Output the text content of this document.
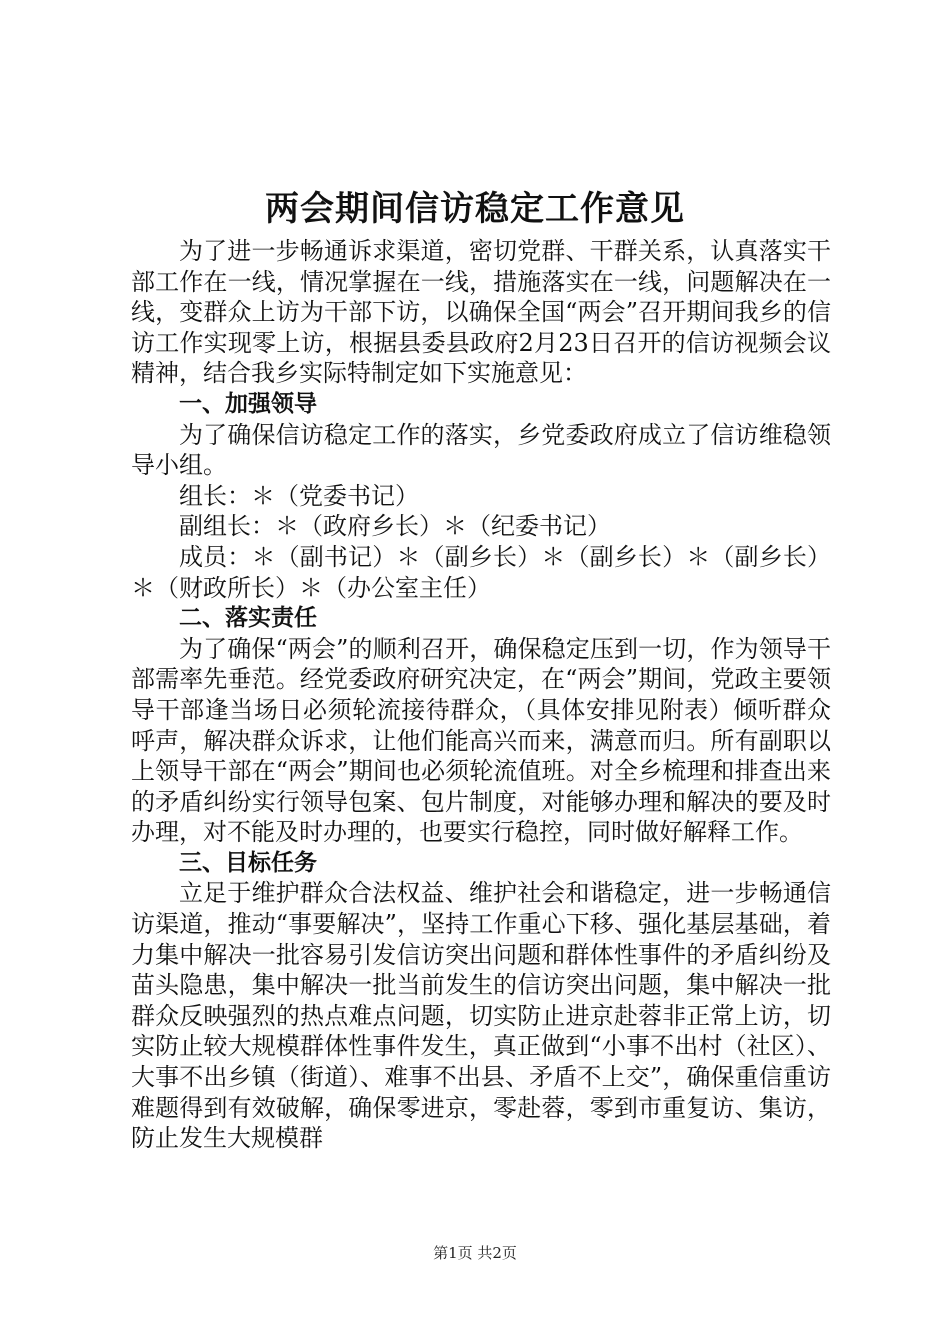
两会期间信访稳定工作意见

为了进一步畅通诉求渠道，密切党群、干群关系，认真落实干部工作在一线，情况掌握在一线，措施落实在一线，问题解决在一线，变群众上访为干部下访，以确保全国“两会”召开期间我乡的信访工作实现零上访，根据县委县政府2月23日召开的信访视频会议精神，结合我乡实际特制定如下实施意见：

一、加强领导

为了确保信访稳定工作的落实，乡党委政府成立了信访维稳领导小组。

组长：＊（党委书记）

副组长：＊（政府乡长）＊（纪委书记）

成员：＊（副书记）＊（副乡长）＊（副乡长）＊（副乡长）＊（财政所长）＊（办公室主任）

二、落实责任

为了确保“两会”的顺利召开，确保稳定压到一切，作为领导干部需率先垂范。经党委政府研究决定，在“两会”期间，党政主要领导干部逢当场日必须轮流接待群众，（具体安排见附表）倾听群众呼声，解决群众诉求，让他们能高兴而来，满意而归。所有副职以上领导干部在“两会”期间也必须轮流值班。对全乡梳理和排查出来的矛盾纠纷实行领导包案、包片制度，对能够办理和解决的要及时办理，对不能及时办理的，也要实行稳控，同时做好解释工作。

三、目标任务

立足于维护群众合法权益、维护社会和谐稳定，进一步畅通信访渠道，推动“事要解决”，坚持工作重心下移、强化基层基础，着力集中解决一批容易引发信访突出问题和群体性事件的矛盾纠纷及苗头隐患，集中解决一批当前发生的信访突出问题，集中解决一批群众反映强烈的热点难点问题，切实防止进京赴蓉非正常上访，切实防止较大规模群体性事件发生，真正做到“小事不出村（社区）、大事不出乡镇（街道）、难事不出县、矛盾不上交”，确保重信重访难题得到有效破解，确保零进京，零赴蓉，零到市重复访、集访，防止发生大规模群

第1页 共2页
